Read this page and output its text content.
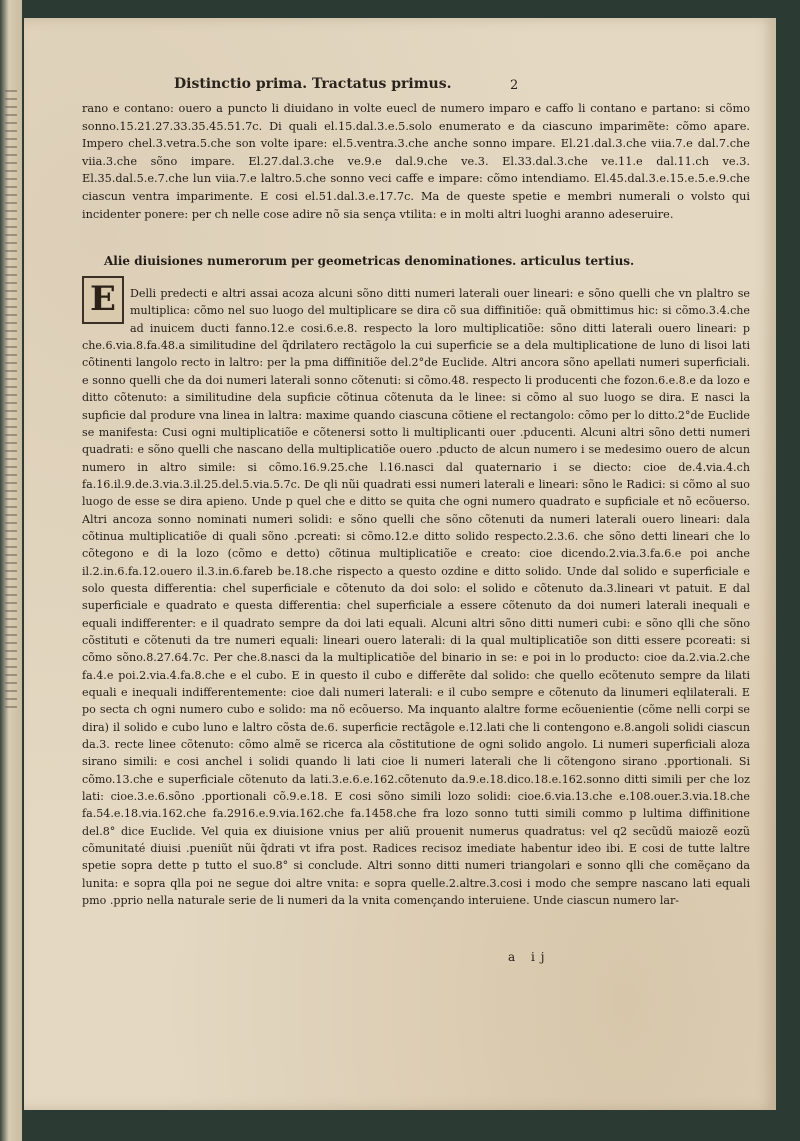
Distinctio prima. Tractatus primus.	2

rano e contano: ouero a puncto li diuidano in volte euecl de numero imparo e caffo li contano e partano: si cõmo sonno.15.21.27.33.35.45.51.7c. Di quali el.15.dal.3.e.5.solo enumerato e da ciascuno imparimẽte: cõmo apare. Impero chel.3.vetra.5.che son volte ipare: el.5.ventra.3.che anche sonno impare. El.21.dal.3.che viia.7.e dal.7.che viia.3.che sõno impare. El.27.dal.3.che ve.9.e dal.9.che ve.3. El.33.dal.3.che ve.11.e dal.11.ch ve.3. El.35.dal.5.e.7.che lun viia.7.e laltro.5.che sonno veci caffe e impare: cõmo intendiamo. El.45.dal.3.e.15.e.5.e.9.che ciascun ventra imparimente. E cosi el.51.dal.3.e.17.7c. Ma de queste spetie e membri numerali o volsto qui incidenter ponere: per ch nelle cose adire nõ sia sença vtilita: e in molti altri luoghi aranno adeseruire.

Alie diuisiones numerorum per geometricas denominationes. articulus tertius.
E	Delli predecti e altri assai acoza alcuni sõno ditti numeri laterali ouer lineari: e sõno quelli che vn plaltro se multiplica: cõmo nel suo luogo del multiplicare se dira cõ sua diffinitiõe: quã obmittimus hic: si cõmo.3.4.che ad inuicem ducti fanno.12.e cosi.6.e.8. respecto la loro multiplicatiõe: sõno ditti laterali ouero lineari: p che.6.via.8.fa.48.a similitudine del q̃drilatero rectãgolo la cui superficie se a dela multiplicatione de luno di lisoi lati cõtinenti langolo recto in laltro: per la pma diffinitiõe del.2°de Euclide. Altri ancora sõno apellati numeri superficiali. e sonno quelli che da doi numeri laterali sonno cõtenuti: si cõmo.48. respecto li producenti che fozon.6.e.8.e da lozo e ditto cõtenuto: a similitudine dela supficie cõtinua cõtenuta da le linee: si cõmo al suo luogo se dira. E nasci la supficie dal produre vna linea in laltra: maxime quando ciascuna cõtiene el rectangolo: cõmo per lo ditto.2°de Euclide se manifesta: Cusi ogni multiplicatiõe e cõtenersi sotto li multiplicanti ouer .pducenti. Alcuni altri sõno detti numeri quadrati: e sõno quelli che nascano della multiplicatiõe ouero .pducto de alcun numero i se medesimo ouero de alcun numero in altro simile: si cõmo.16.9.25.che l.16.nasci dal quaternario i se diecto: cioe de.4.via.4.ch fa.16.il.9.de.3.via.3.il.25.del.5.via.5.7c. De qli nũi quadrati essi numeri laterali e lineari: sõno le Radici: si cõmo al suo luogo de esse se dira apieno. Unde p quel che e ditto se quita che ogni numero quadrato e supficiale et nõ ecõuerso. Altri ancoza sonno nominati numeri solidi: e sõno quelli che sõno cõtenuti da numeri laterali ouero lineari: dala cõtinua multiplicatiõe di quali sõno .pcreati: si cõmo.12.e ditto solido respecto.2.3.6. che sõno detti lineari che lo cõtegono e di la lozo (cõmo e detto) cõtinua multiplicatiõe e creato: cioe dicendo.2.via.3.fa.6.e poi anche il.2.in.6.fa.12.ouero il.3.in.6.fareb be.18.che rispecto a questo ozdine e ditto solido. Unde dal solido e superficiale e solo questa differentia: chel superficiale e cõtenuto da doi solo: el solido e cõtenuto da.3.lineari vt patuit. E dal superficiale e quadrato e questa differentia: chel superficiale a essere cõtenuto da doi numeri laterali inequali e equali indifferenter: e il quadrato sempre da doi lati equali. Alcuni altri sõno ditti numeri cubi: e sõno qlli che sõno cõstituti e cõtenuti da tre numeri equali: lineari ouero laterali: di la qual multiplicatiõe son ditti essere pcoreati: si cõmo sõno.8.27.64.7c. Per che.8.nasci da la multiplicatiõe del binario in se: e poi in lo producto: cioe da.2.via.2.che fa.4.e poi.2.via.4.fa.8.che e el cubo. E in questo il cubo e differẽte dal solido: che quello ecõtenuto sempre da lilati equali e inequali indifferentemente: cioe dali numeri laterali: e il cubo sempre e cõtenuto da linumeri eqlilaterali. E po secta ch ogni numero cubo e solido: ma nõ ecõuerso. Ma inquanto alaltre forme ecõuenientie (cõme nelli corpi se dira) il solido e cubo luno e laltro cõsta de.6. superficie rectãgole e.12.lati che li contengono e.8.angoli solidi ciascun da.3. recte linee cõtenuto: cõmo almẽ se ricerca ala cõstitutione de ogni solido angolo. Li numeri superficiali aloza sirano simili: e cosi anchel i solidi quando li lati cioe li numeri laterali che li cõtengono sirano .pportionali. Si cõmo.13.che e superficiale cõtenuto da lati.3.e.6.e.162.cõtenuto da.9.e.18.dico.18.e.162.sonno ditti simili per che loz lati: cioe.3.e.6.sõno .pportionali cõ.9.e.18. E cosi sõno simili lozo solidi: cioe.6.via.13.che e.108.ouer.3.via.18.che fa.54.e.18.via.162.che fa.2916.e.9.via.162.che fa.1458.che fra lozo sonno tutti simili commo p lultima diffinitione del.8° dice Euclide. Vel quia ex diuisione vnius per aliũ prouenit numerus quadratus: vel q2 secũdũ maiozẽ eozũ cõmunitaté diuisi .pueniũt nũi q̃drati vt ifra post. Radices recisoz imediate habentur ideo ibi. E cosi de tutte laltre spetie sopra dette p tutto el suo.8° si conclude. Altri sonno ditti numeri triangolari e sonno qlli che comẽçano da lunita: e sopra qlla poi ne segue doi altre vnita: e sopra quelle.2.altre.3.cosi i modo che sempre nascano lati equali pmo .pprio nella naturale serie de li numeri da la vnita començando interuiene. Unde ciascun numero lar-

a ij
